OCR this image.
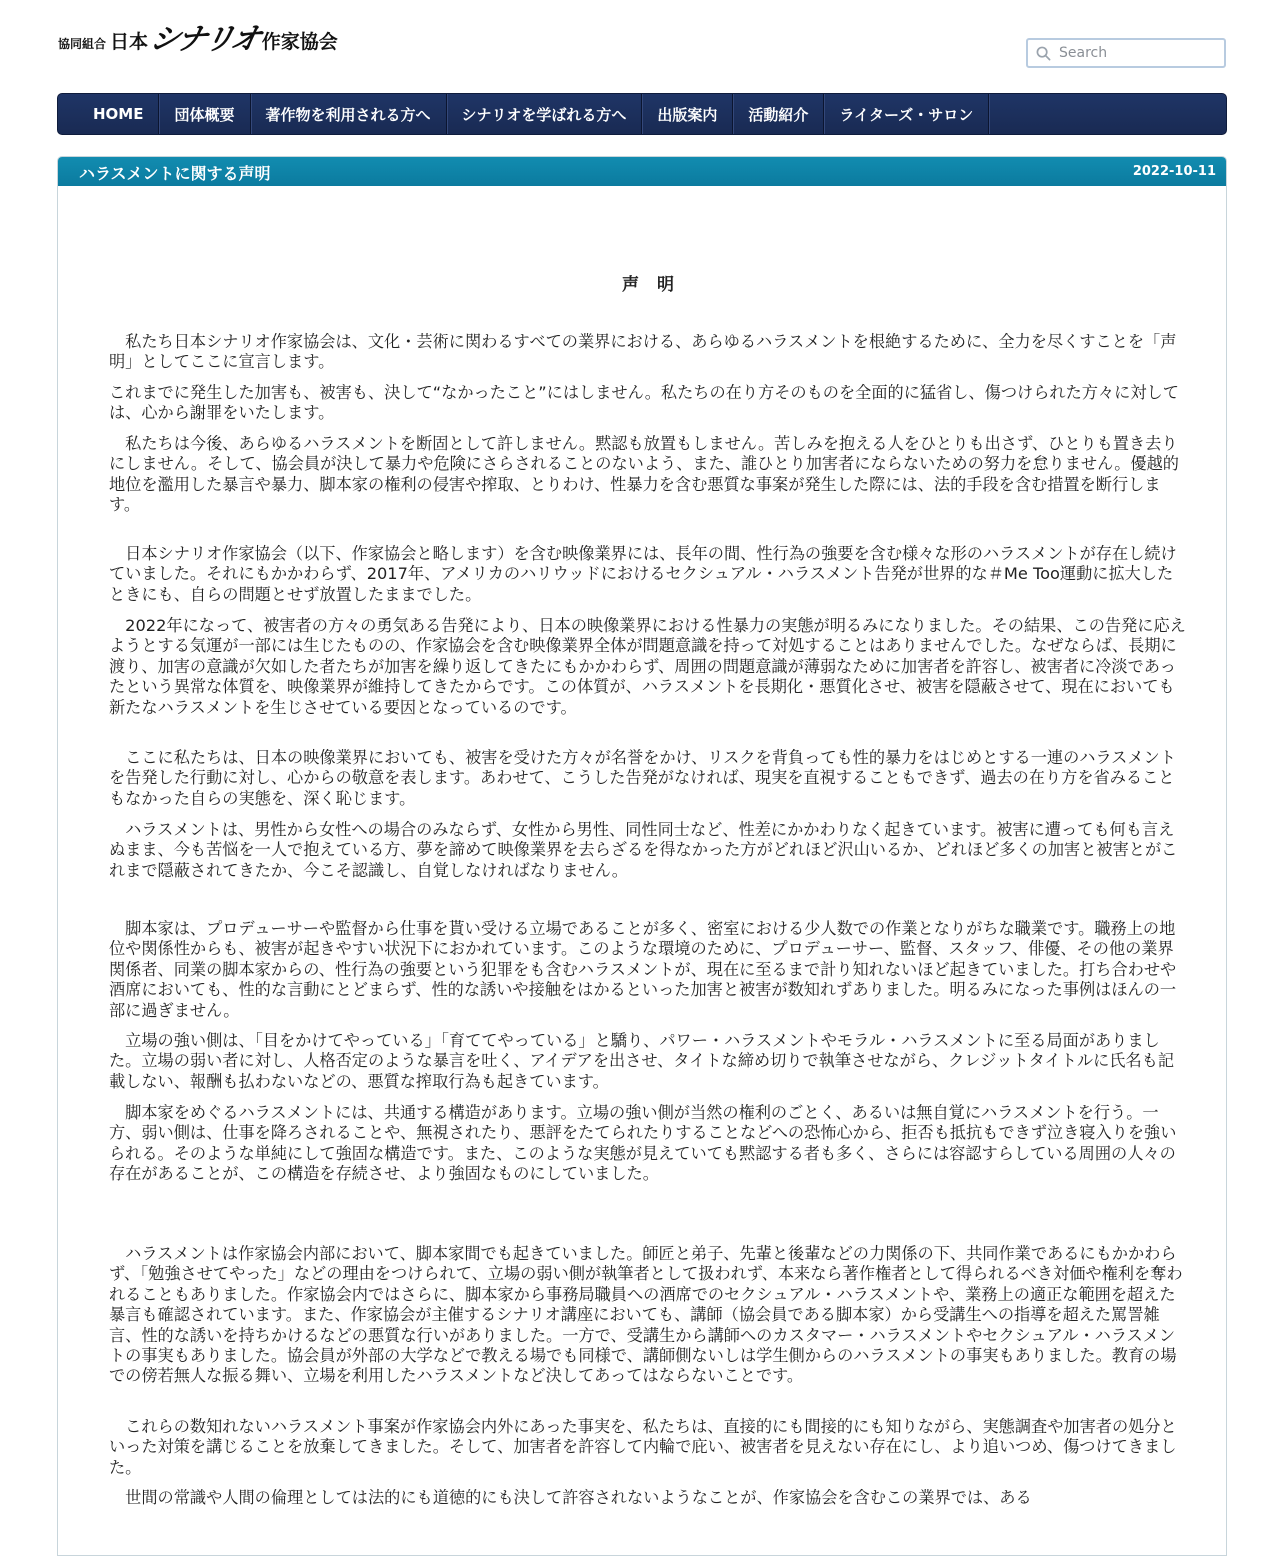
協同組合 日本
シナリオ 作家協会
Search
HOME	団体概要	著作物を利用される方へ	シナリオを学ばれる方へ	出版案内	活動紹介	ライターズ・サロン
ハラスメントに関する声明	2022-10-11
声明

　私たち日本シナリオ作家協会は、文化・芸術に関わるすべての業界における、あらゆるハラスメントを根絶するために、全力を尽くすことを「声明」としてここに宣言します。

これまでに発生した加害も、被害も、決して“なかったこと”にはしません。私たちの在り方そのものを全面的に猛省し、傷つけられた方々に対しては、心から謝罪をいたします。

　私たちは今後、あらゆるハラスメントを断固として許しません。黙認も放置もしません。苦しみを抱える人をひとりも出さず、ひとりも置き去りにしません。そして、協会員が決して暴力や危険にさらされることのないよう、また、誰ひとり加害者にならないための努力を怠りません。優越的地位を濫用した暴言や暴力、脚本家の権利の侵害や搾取、とりわけ、性暴力を含む悪質な事案が発生した際には、法的手段を含む措置を断行します。

　日本シナリオ作家協会（以下、作家協会と略します）を含む映像業界には、長年の間、性行為の強要を含む様々な形のハラスメントが存在し続けていました。それにもかかわらず、2017年、アメリカのハリウッドにおけるセクシュアル・ハラスメント告発が世界的な＃Me Too運動に拡大したときにも、自らの問題とせず放置したままでした。

　2022年になって、被害者の方々の勇気ある告発により、日本の映像業界における性暴力の実態が明るみになりました。その結果、この告発に応えようとする気運が一部には生じたものの、作家協会を含む映像業界全体が問題意識を持って対処することはありませんでした。なぜならば、長期に渡り、加害の意識が欠如した者たちが加害を繰り返してきたにもかかわらず、周囲の問題意識が薄弱なために加害者を許容し、被害者に冷淡であったという異常な体質を、映像業界が維持してきたからです。この体質が、ハラスメントを長期化・悪質化させ、被害を隠蔽させて、現在においても新たなハラスメントを生じさせている要因となっているのです。

　ここに私たちは、日本の映像業界においても、被害を受けた方々が名誉をかけ、リスクを背負っても性的暴力をはじめとする一連のハラスメントを告発した行動に対し、心からの敬意を表します。あわせて、こうした告発がなければ、現実を直視することもできず、過去の在り方を省みることもなかった自らの実態を、深く恥じます。

　ハラスメントは、男性から女性への場合のみならず、女性から男性、同性同士など、性差にかかわりなく起きています。被害に遭っても何も言えぬまま、今も苦悩を一人で抱えている方、夢を諦めて映像業界を去らざるを得なかった方がどれほど沢山いるか、どれほど多くの加害と被害とがこれまで隠蔽されてきたか、今こそ認識し、自覚しなければなりません。

　脚本家は、プロデューサーや監督から仕事を貰い受ける立場であることが多く、密室における少人数での作業となりがちな職業です。職務上の地位や関係性からも、被害が起きやすい状況下におかれています。このような環境のために、プロデューサー、監督、スタッフ、俳優、その他の業界関係者、同業の脚本家からの、性行為の強要という犯罪をも含むハラスメントが、現在に至るまで計り知れないほど起きていました。打ち合わせや酒席においても、性的な言動にとどまらず、性的な誘いや接触をはかるといった加害と被害が数知れずありました。明るみになった事例はほんの一部に過ぎません。

　立場の強い側は、「目をかけてやっている」「育ててやっている」と驕り、パワー・ハラスメントやモラル・ハラスメントに至る局面がありました。立場の弱い者に対し、人格否定のような暴言を吐く、アイデアを出させ、タイトな締め切りで執筆させながら、クレジットタイトルに氏名も記載しない、報酬も払わないなどの、悪質な搾取行為も起きています。

　脚本家をめぐるハラスメントには、共通する構造があります。立場の強い側が当然の権利のごとく、あるいは無自覚にハラスメントを行う。一方、弱い側は、仕事を降ろされることや、無視されたり、悪評をたてられたりすることなどへの恐怖心から、拒否も抵抗もできず泣き寝入りを強いられる。そのような単純にして強固な構造です。また、このような実態が見えていても黙認する者も多く、さらには容認すらしている周囲の人々の存在があることが、この構造を存続させ、より強固なものにしていました。

　ハラスメントは作家協会内部において、脚本家間でも起きていました。師匠と弟子、先輩と後輩などの力関係の下、共同作業であるにもかかわらず、「勉強させてやった」などの理由をつけられて、立場の弱い側が執筆者として扱われず、本来なら著作権者として得られるべき対価や権利を奪われることもありました。作家協会内ではさらに、脚本家から事務局職員への酒席でのセクシュアル・ハラスメントや、業務上の適正な範囲を超えた暴言も確認されています。また、作家協会が主催するシナリオ講座においても、講師（協会員である脚本家）から受講生への指導を超えた罵詈雑言、性的な誘いを持ちかけるなどの悪質な行いがありました。一方で、受講生から講師へのカスタマー・ハラスメントやセクシュアル・ハラスメントの事実もありました。協会員が外部の大学などで教える場でも同様で、講師側ないしは学生側からのハラスメントの事実もありました。教育の場での傍若無人な振る舞い、立場を利用したハラスメントなど決してあってはならないことです。

　これらの数知れないハラスメント事案が作家協会内外にあった事実を、私たちは、直接的にも間接的にも知りながら、実態調査や加害者の処分といった対策を講じることを放棄してきました。そして、加害者を許容して内輪で庇い、被害者を見えない存在にし、より追いつめ、傷つけてきました。

　世間の常識や人間の倫理としては法的にも道徳的にも決して許容されないようなことが、作家協会を含むこの業界では、ある
